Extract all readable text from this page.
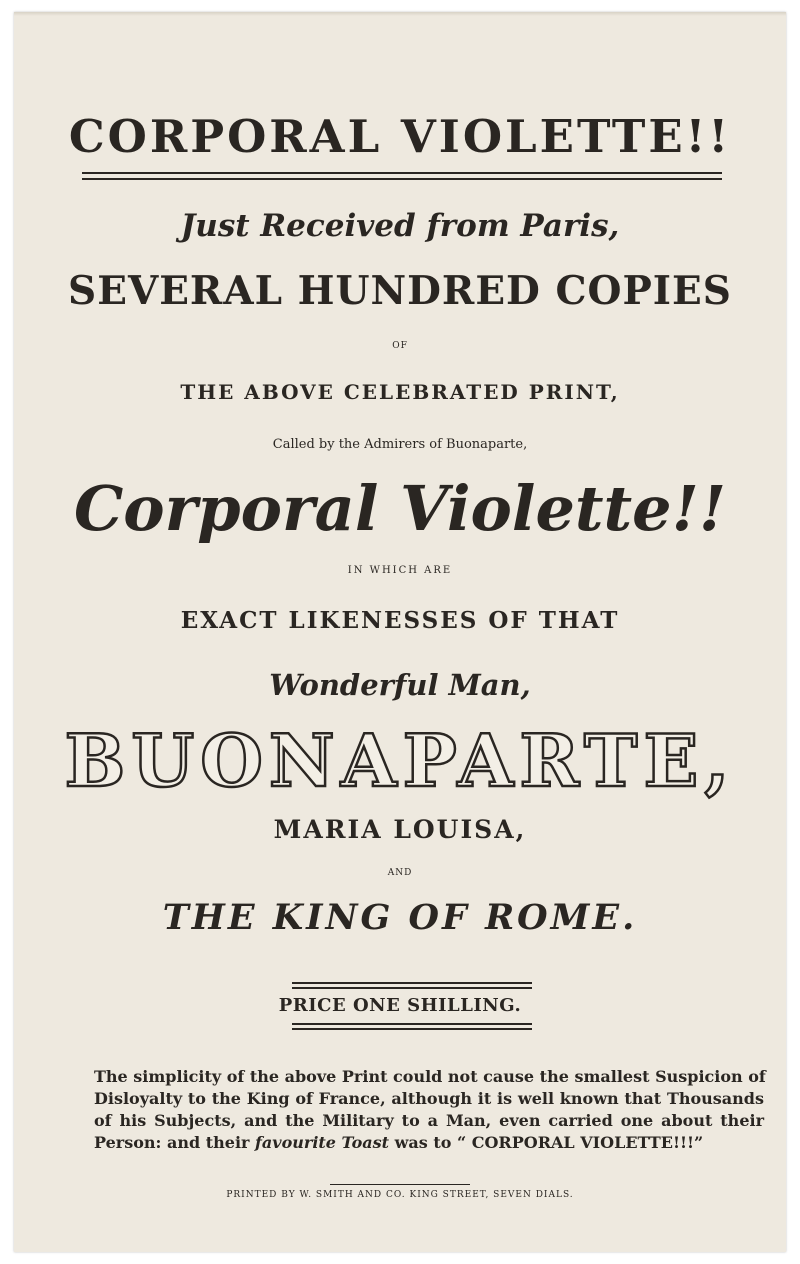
CORPORAL VIOLETTE!!
Just Received from Paris,
SEVERAL HUNDRED COPIES
OF
THE ABOVE CELEBRATED PRINT,
Called by the Admirers of Buonaparte,
Corporal Violette!!
IN WHICH ARE
EXACT LIKENESSES OF THAT
Wonderful Man,
BUONAPARTE,
MARIA LOUISA,
AND
THE KING OF ROME.
PRICE ONE SHILLING.
The simplicity of the above Print could not cause the smallest Suspicion of
Disloyalty to the King of France, although it is well known that Thousands
of his Subjects, and the Military to a Man, even carried one about their
Person: and their favourite Toast was to “ CORPORAL VIOLETTE!!!”
PRINTED BY W. SMITH AND CO. KING STREET, SEVEN DIALS.
